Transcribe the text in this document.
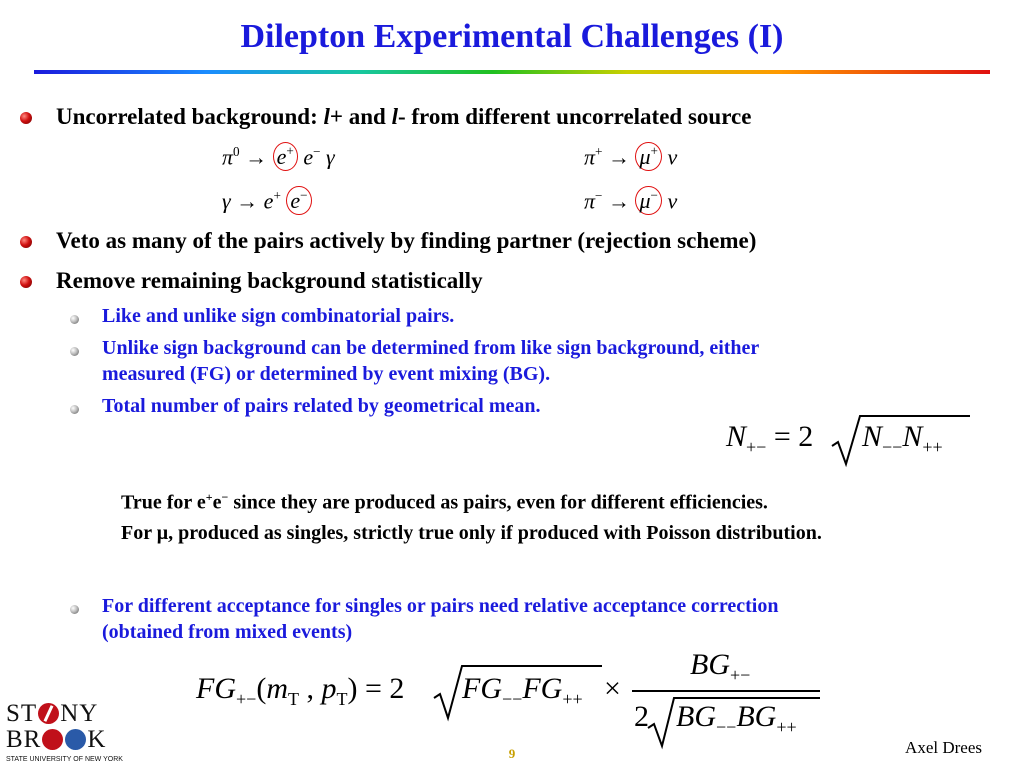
Dilepton Experimental Challenges (I)
Uncorrelated background: l+ and l- from different uncorrelated source
$\pi^0 \to e^+$ e− γ
γ → e+ e−
π+ → μ+ ν
π− → μ− ν
Veto as many of the pairs actively by finding partner (rejection scheme)
Remove remaining background statistically
Like and unlike sign combinatorial pairs.
Unlike sign background can be determined from like sign background, either
measured (FG) or determined by event mixing (BG).
Total number of pairs related by geometrical mean.
$N_{+-} = 2$ $N_{--}N_{++}$
True for e+e− since they are produced as pairs, even for different efficiencies.
For μ, produced as singles, strictly true only if produced with Poisson distribution.
For different acceptance for singles or pairs need relative acceptance correction
(obtained from mixed events)
$FG_{+-}(m_T$ , $p_T) = 2$ $FG_{--}FG_{++}$ ×
$BG_{+-}$
2 $BG_{--}BG_{++}$
ST NY
BR K
STATE UNIVERSITY OF NEW YORK	9	Axel Drees
